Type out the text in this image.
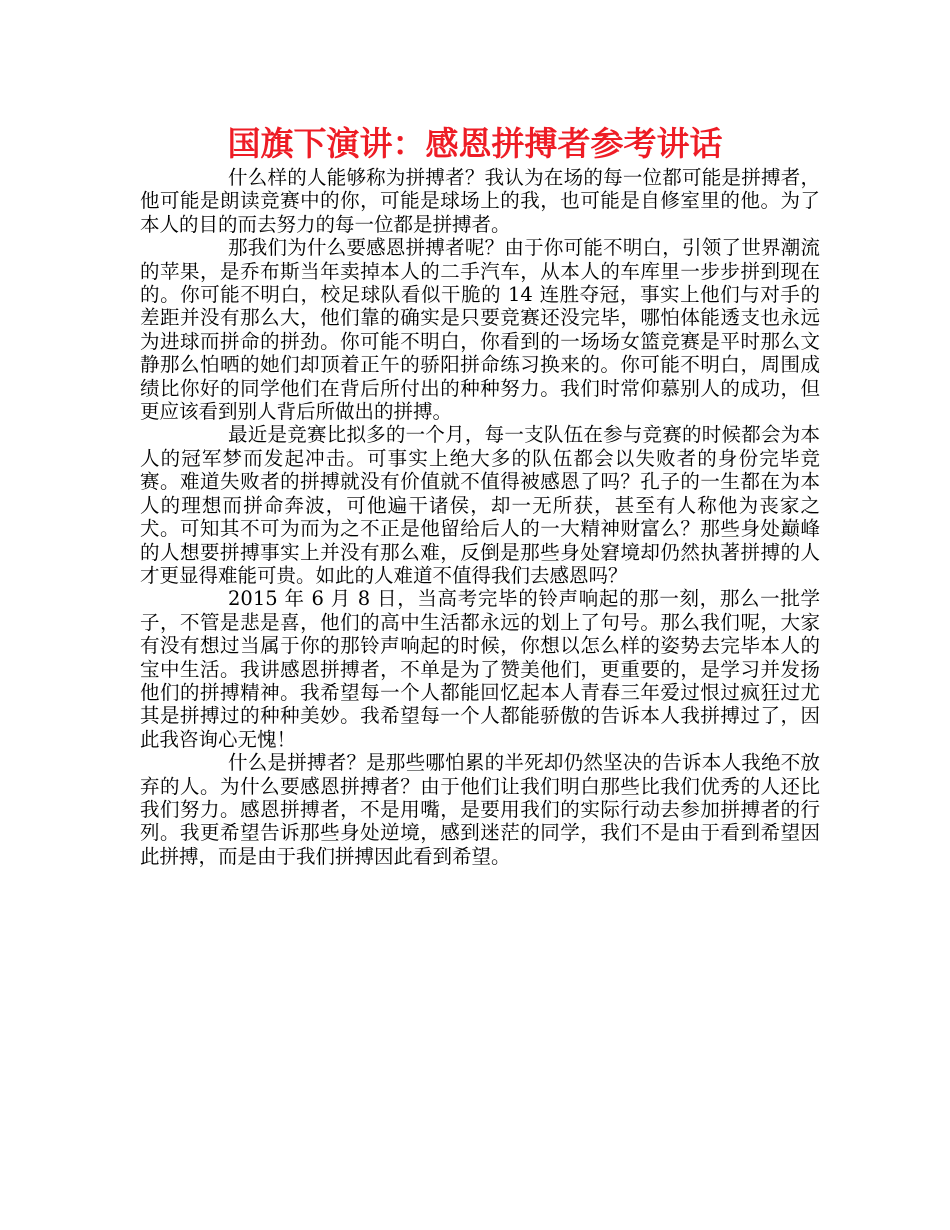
国旗下演讲：感恩拼搏者参考讲话

什么样的人能够称为拼搏者？我认为在场的每一位都可能是拼搏者，他可能是朗读竞赛中的你，可能是球场上的我，也可能是自修室里的他。为了本人的目的而去努力的每一位都是拼搏者。

那我们为什么要感恩拼搏者呢？由于你可能不明白，引领了世界潮流的苹果，是乔布斯当年卖掉本人的二手汽车，从本人的车库里一步步拼到现在的。你可能不明白，校足球队看似干脆的 14 连胜夺冠，事实上他们与对手的差距并没有那么大，他们靠的确实是只要竞赛还没完毕，哪怕体能透支也永远为进球而拼命的拼劲。你可能不明白，你看到的一场场女篮竞赛是平时那么文静那么怕晒的她们却顶着正午的骄阳拼命练习换来的。你可能不明白，周围成绩比你好的同学他们在背后所付出的种种努力。我们时常仰慕别人的成功，但更应该看到别人背后所做出的拼搏。

最近是竞赛比拟多的一个月，每一支队伍在参与竞赛的时候都会为本人的冠军梦而发起冲击。可事实上绝大多的队伍都会以失败者的身份完毕竞赛。难道失败者的拼搏就没有价值就不值得被感恩了吗？孔子的一生都在为本人的理想而拼命奔波，可他遍干诸侯，却一无所获，甚至有人称他为丧家之犬。可知其不可为而为之不正是他留给后人的一大精神财富么？那些身处巅峰的人想要拼搏事实上并没有那么难，反倒是那些身处窘境却仍然执著拼搏的人才更显得难能可贵。如此的人难道不值得我们去感恩吗？

2015 年 6 月 8 日，当高考完毕的铃声响起的那一刻，那么一批学子，不管是悲是喜，他们的高中生活都永远的划上了句号。那么我们呢，大家有没有想过当属于你的那铃声响起的时候，你想以怎么样的姿势去完毕本人的宝中生活。我讲感恩拼搏者，不单是为了赞美他们，更重要的，是学习并发扬他们的拼搏精神。我希望每一个人都能回忆起本人青春三年爱过恨过疯狂过尤其是拼搏过的种种美妙。我希望每一个人都能骄傲的告诉本人我拼搏过了，因此我咨询心无愧！

什么是拼搏者？是那些哪怕累的半死却仍然坚决的告诉本人我绝不放弃的人。为什么要感恩拼搏者？由于他们让我们明白那些比我们优秀的人还比我们努力。感恩拼搏者，不是用嘴，是要用我们的实际行动去参加拼搏者的行列。我更希望告诉那些身处逆境，感到迷茫的同学，我们不是由于看到希望因此拼搏，而是由于我们拼搏因此看到希望。
